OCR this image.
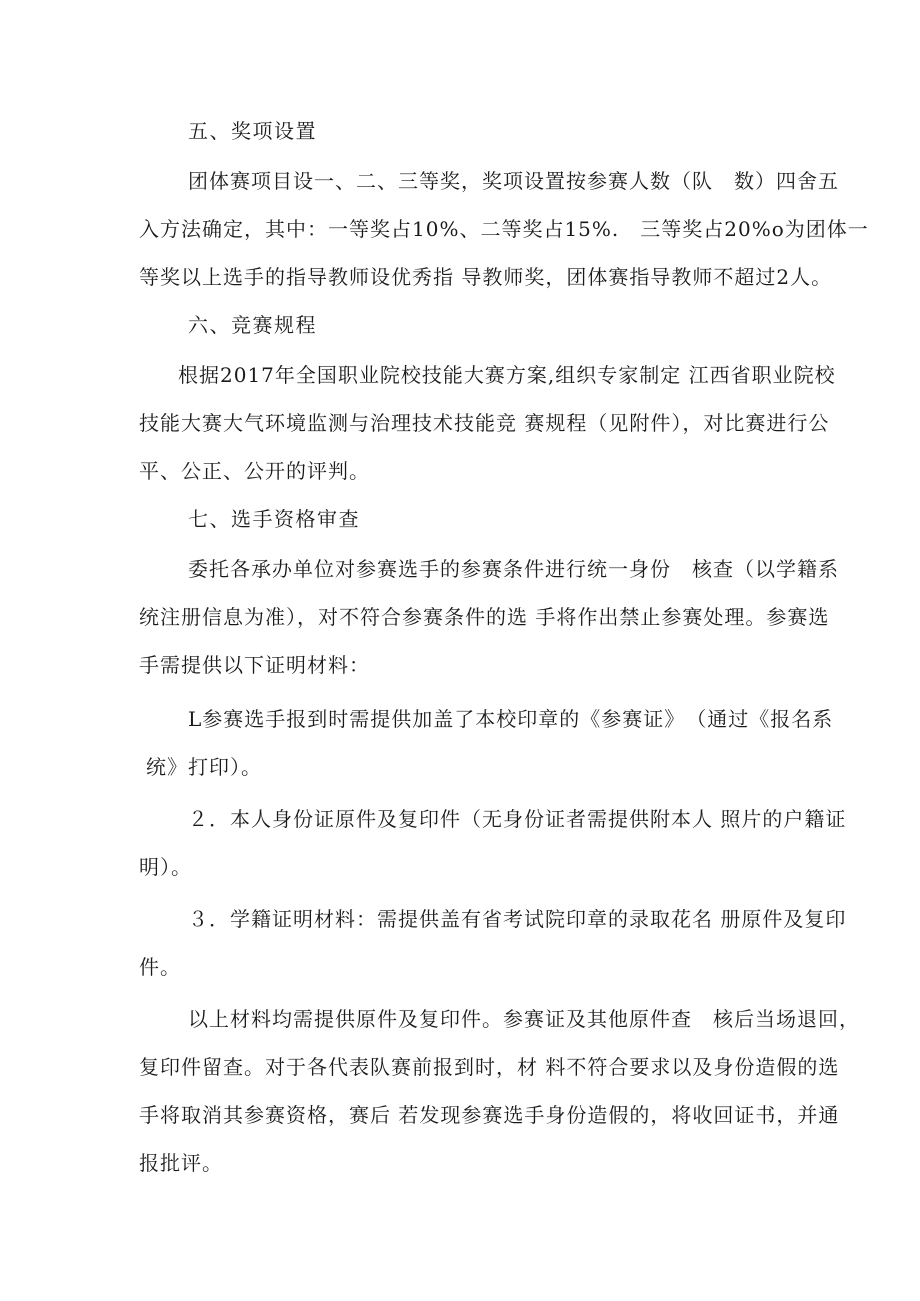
五、奖项设置

团体赛项目设一、二、三等奖，奖项设置按参赛人数（队　数）四舍五

入方法确定，其中：一等奖占10%、二等奖占15%.　三等奖占20%o为团体一

等奖以上选手的指导教师设优秀指 导教师奖，团体赛指导教师不超过2人。

六、竞赛规程

根据2017年全国职业院校技能大赛方案,组织专家制定 江西省职业院校

技能大赛大气环境监测与治理技术技能竞 赛规程（见附件），对比赛进行公

平、公正、公开的评判。

七、选手资格审查

委托各承办单位对参赛选手的参赛条件进行统一身份　核查（以学籍系

统注册信息为准），对不符合参赛条件的选 手将作出禁止参赛处理。参赛选

手需提供以下证明材料：

L参赛选手报到时需提供加盖了本校印章的《参赛证》　（通过《报名系

统》打印）。

２．本人身份证原件及复印件（无身份证者需提供附本人 照片的户籍证

明）。

３．学籍证明材料：需提供盖有省考试院印章的录取花名 册原件及复印

件。

以上材料均需提供原件及复印件。参赛证及其他原件查　核后当场退回，

复印件留查。对于各代表队赛前报到时，材 料不符合要求以及身份造假的选

手将取消其参赛资格，赛后 若发现参赛选手身份造假的，将收回证书，并通

报批评。
